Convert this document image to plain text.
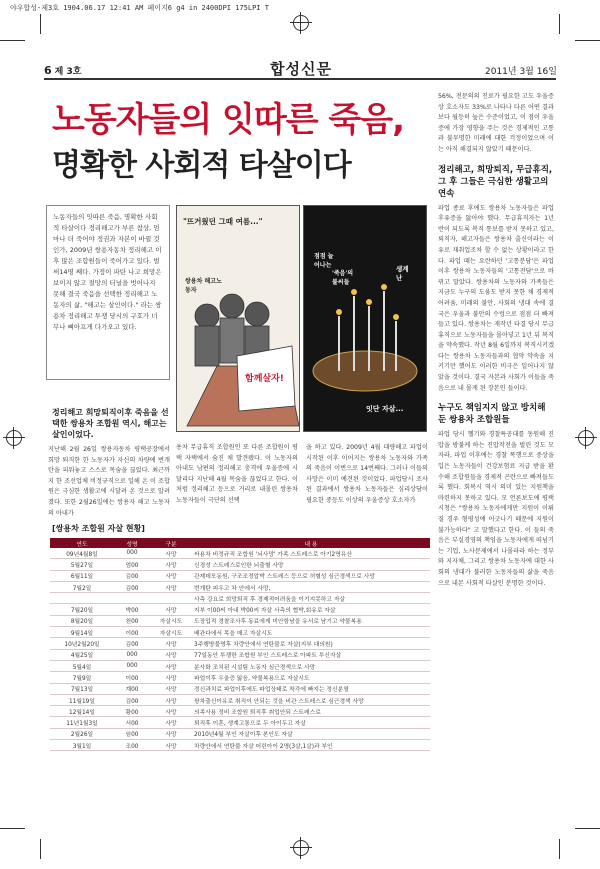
야우합성-제3호 1904.06.17 12:41 AM 페이지6 g4 in 2400DPI 175LPI T
6 제 3호	합성신문	2011년 3월 16일
노동자들의 잇따른 죽음,
명확한 사회적 타살이다
노동자들의 잇따른 죽음, 명확한 사회적 타살이다 정리해고가 부른 참상, 엄마나 더 죽어야 정권과 자본이 바뀔 것인가, 2009년 쌍용자동차 정리해고 이후 많은 조합원들이 죽어가고 있다. 벌써14명 째다. 가정이 파탄 나고 희망은 보이지 않고 절망의 터널을 벗어나지 못해 결국 죽음을 선택한 정리해고 노동자의 삶, "해고는 살인이다." 라는 쌍용차 정리해고 투쟁 당시의 구호가 너무나 뼈아프게 다가오고 있다.
"뜨거웠던 그때 여름..."
쌍용차 해고노동자
함께살자!
점점 늘어나는
'죽음'의 불씨들
생계난
잇단 자살...
정리해고 희망퇴직이후 죽음을 선택한 쌍용차 조합원 역시, 해고는 살인이었다.
지난해 2월 26일 쌍용자동차 평택공장에서 희망 퇴직한 한 노동자가 자신의 차량에 번개탄을 피워놓고 스스로 목숨을 끊었다. 최근까지 한 조선업체 비정규직으로 일해 온 이 조합원은 극심한 생활고에 시달려 온 것으로 알려졌다. 또한 2월26일에는 쌍용자 해고 노동자의 아내가
용차 무급휴직 조합원인 또 다른 조합원이 평택 자택에서 숨진 채 발견됐다. 이 노동자의 아내도 남편의 정리해고 충격에 우울증에 시달리다 지난해 4월 목숨을 끊었다고 한다. 이처럼 정리해고 등으로 거리로 내몰린 쌍용차 노동자들이 극단의 선택
을 하고 있다. 2009년 4월 대량해고 파업이 시작된 이후 이어지는 쌍용차 노동자와 가족의 죽음이 이번으로 14번째다. 그러나 이들의 사망은 이미 예견된 것이었다. 파업당시 조사된 결과에서 쌍용차 노동자들은 심리상담이 필요한 중등도 이상의 우울증상 호소자가
56%, 전문의의 진료가 필요한 고도 우울증상 호소자도 33%로 나타나 다른 어떤 결과보다 월등히 높은 수준이었고, 이 점이 우울증에 가장 영향을 주는 것은 경제적인 고통과 불투명한 미래에 대한 걱정이었으며 이는 아직 해결되지 않았기 때문이다.
정리해고, 희망퇴직, 무급휴직, 그 후 그들은 극심한 생활고의 연속
파업 종료 후에도 쌍용차 노동자들은 파업 후유증을 앓아야 했다. 무급휴직자는 1년 반이 되도록 복직 통보를 받지 못하고 있고, 퇴직자, 해고자들은 쌍용차 출신이라는 이유로 재취업조차 할 수 없는 상황이라고 한다. 파업 때는 요란하던 '고통분담'은 파업 이후 쌍용차 노동자들의 '고통전담'으로 바뀌고 말았다. 쌍용차의 노동자와 가족들은 지금도 누구의 도움도 받지 못한 채 경제적 어려움, 미래의 불안, 사회의 냉대 속에 결국은 우울과 불안의 수렁으로 점점 더 빠져들고 있다. 쌍용차는 재작년 타결 당시 무급휴직으로 노동자들을 몰아넣고 1년 뒤 복직을 약속했다. 작년 8월 6일까지 복직시키겠다는 쌍용차 노동자들과의 협약 약속을 지키기만 했어도 이러한 비극은 일어나지 않았을 것이다. 결국 자본과 사회가 이들을 죽음으로 내 몰게 된 장본인 들이다.
누구도 책임지지 않고 방치해 둔 쌍용차 조합원들
파업 당시 헬기와 경찰특공대를 동원해 진압을 방불케 하는 진압작전을 벌린 것도 모자라, 파업 이후에는 경찰 폭행으로 중상을 입은 노동자들이 건강보험료 지급 받을 환수해 조합원들을 경제적 곤란으로 빠져들도록 했다. 회복시 역시 의미 있는 지원책을 마련하지 못하고 있다. 모 언론보도에 평택시청은 "쌍용차 노동자에게만 지원이 이뤄질 경우 형평성에 어긋나기 때문에 지원이 불가능하다" 고 말했다고 한다. 이 들의 죽음은 부실경영의 책임을 노동자에게 떠넘기는 기업, 노사문제에서 나몰라라 하는 정부와 지자체, 그리고 쌍용차 노동자에 대한 사회의 냉대가 불러한 노동자들의 삶을 죽음으로 내몬 사회적 타살인 분명한 것이다.
[쌍용차 조합원 자살 현황]
연도	성명	구분	내 용
09년4월8일	000	사망	싸용차 비정규직 조합원 '뇌사망' 가족 스트레스로 아기2명유산
5월27일	엄00	사망	신경성 스트레스로인한 뇌출혈 사망
6월11일	김00	사망	관제데모동원, 구조조정압박 스트레스 등으로 허혈성 심근경색으로 사망
7월2일	김00	사망	번개탄 피우고 차 안에서 사망,
			사측 강요로 희망퇴직 후 경제적어려움을 이기지못하고 자살
7월20일	박00	사망	지부 이00씨 아내 박00씨 자살 사측의 협박,회유로 자살
8월20일	천00	자살시도	도장입적 경찰조사후 동료에게 미안함남을 유서로 남기고 약물복용
9월14일	이00	자살시도	배관다에서 목을 매고 자살시도
10년2월20일	김00	사망	3주행방불명후 차량안에서 연탄불로 자살(지부 대의원)
4월25일	000	사망	77일동안 투쟁한 조합원 부인 스트레스로 아파트 투신자살
5월4일	000	사망	분사화 조치된 시설팀 노동자 심근경색으로 사망
7월9일	이00	사망	파업이후 우울증 앓음, 약물복용으로 자살시도
7월13일	계00	사망	정신과치료 파업이후에도 파업상태로 착각에 빠지는 정신분열
11월19일	김00	사망	쌍차출신이유로 취직이 안되는 것을 비관 스트레스로 심근경색 사망
12월14일	황00	사망	의족사용 정비 조합원 퇴직후 취업안되 스트레스로
11년1월3일	서00	사망	퇴직후 이혼, 생계고통으로 두 아이두고 자살
2월26일	임00	사망	2010년4월 부인 자살이후 본인도 자살
3월1일	조00	사망	차량안에서 연탄불 자살 어린아이 2명(3살,1살)과 부인
